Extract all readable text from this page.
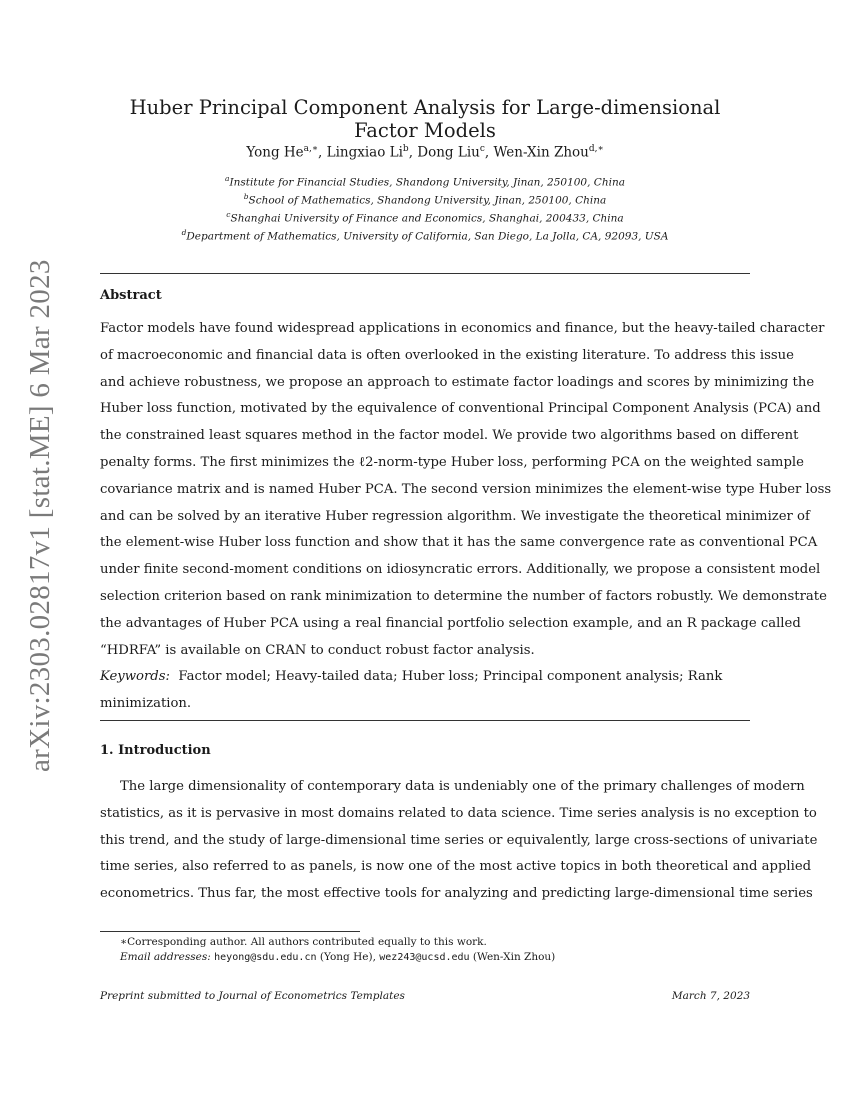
arXiv:2303.02817v1 [stat.ME] 6 Mar 2023
Huber Principal Component Analysis for Large-dimensional Factor Models
Yong $He^{a,∗}$, Lingxiao Li$^b$, Dong Liu$^c$, Wen-Xin Zhou$^{d,∗}$
$^a$Institute for Financial Studies, Shandong University, Jinan, 250100, China
$^b$School of Mathematics, Shandong University, Jinan, 250100, China
$^c$Shanghai University of Finance and Economics, Shanghai, 200433, China
$^d$Department of Mathematics, University of California, San Diego, La Jolla, CA, 92093, USA
Abstract
Factor models have found widespread applications in economics and finance, but the heavy-tailed character
of macroeconomic and financial data is often overlooked in the existing literature. To address this issue
and achieve robustness, we propose an approach to estimate factor loadings and scores by minimizing the
Huber loss function, motivated by the equivalence of conventional Principal Component Analysis (PCA) and
the constrained least squares method in the factor model. We provide two algorithms based on different
penalty forms. The first minimizes the ℓ2-norm-type Huber loss, performing PCA on the weighted sample
covariance matrix and is named Huber PCA. The second version minimizes the element-wise type Huber loss
and can be solved by an iterative Huber regression algorithm. We investigate the theoretical minimizer of
the element-wise Huber loss function and show that it has the same convergence rate as conventional PCA
under finite second-moment conditions on idiosyncratic errors. Additionally, we propose a consistent model
selection criterion based on rank minimization to determine the number of factors robustly. We demonstrate
the advantages of Huber PCA using a real financial portfolio selection example, and an R package called
“HDRFA” is available on CRAN to conduct robust factor analysis.
Keywords: Factor model; Heavy-tailed data; Huber loss; Principal component analysis; Rank
minimization.
1. Introduction
The large dimensionality of contemporary data is undeniably one of the primary challenges of modern
statistics, as it is pervasive in most domains related to data science. Time series analysis is no exception to
this trend, and the study of large-dimensional time series or equivalently, large cross-sections of univariate
time series, also referred to as panels, is now one of the most active topics in both theoretical and applied
econometrics. Thus far, the most effective tools for analyzing and predicting large-dimensional time series
∗Corresponding author. All authors contributed equally to this work.
Email addresses: heyong@sdu.edu.cn (Yong He), wez243@ucsd.edu (Wen-Xin Zhou)
Preprint submitted to Journal of Econometrics Templates	March 7, 2023
